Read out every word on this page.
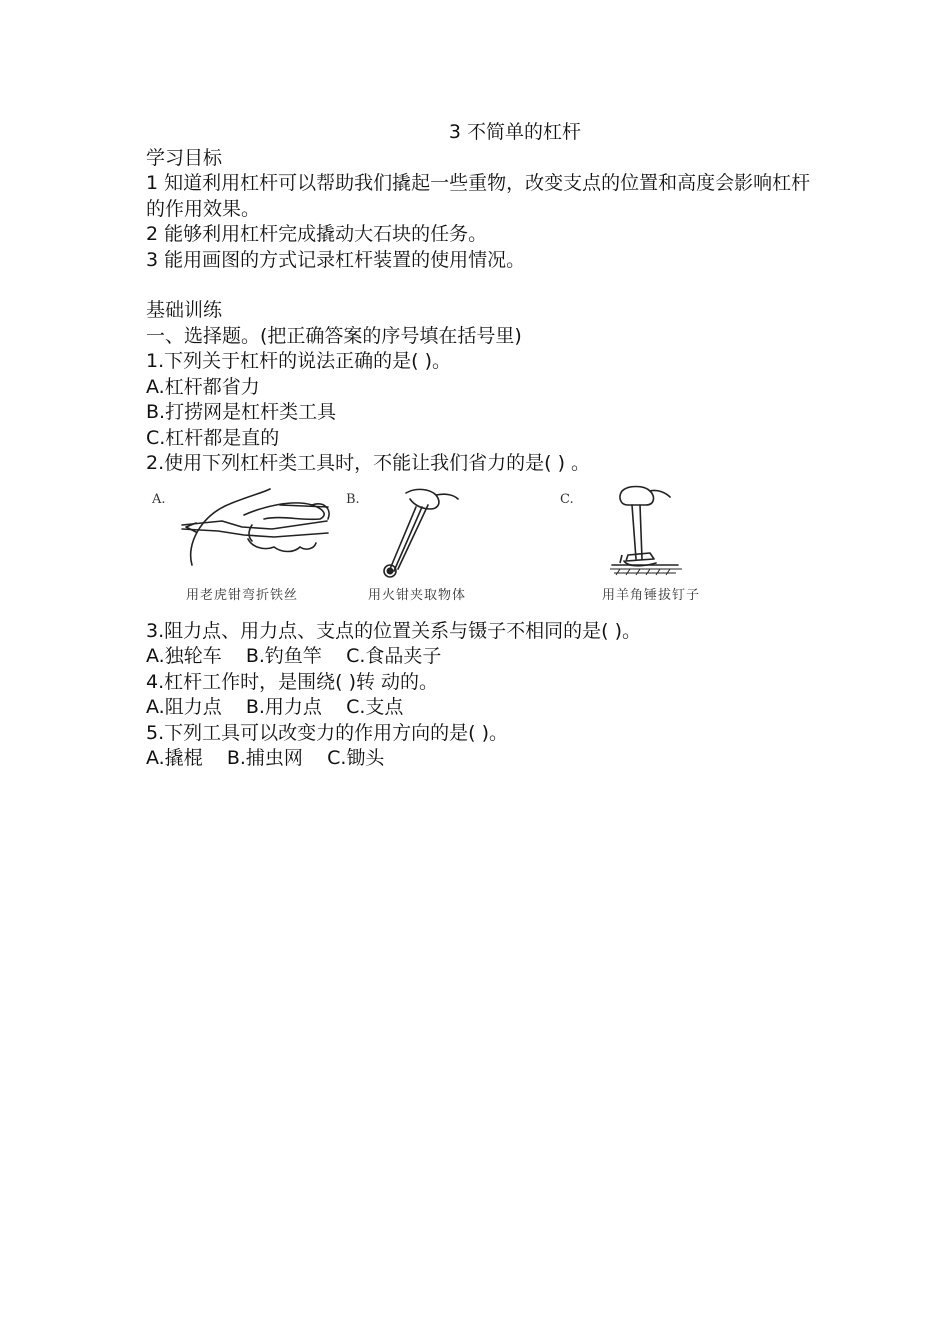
3 不简单的杠杆
学习目标
1 知道利用杠杆可以帮助我们撬起一些重物，改变支点的位置和高度会影响杠杆的作用效果。
2 能够利用杠杆完成撬动大石块的任务。
3 能用画图的方式记录杠杆装置的使用情况。
基础训练
一、选择题。(把正确答案的序号填在括号里)
1.下列关于杠杆的说法正确的是( )。
A.杠杆都省力
B.打捞网是杠杆类工具
C.杠杆都是直的
2.使用下列杠杆类工具时，不能让我们省力的是( ) 。
A.
用老虎钳弯折铁丝
B.
用火钳夹取物体
C.
用羊角锤拔钉子
3.阻力点、用力点、支点的位置关系与镊子不相同的是( )。
A.独轮车    B.钓鱼竿    C.食品夹子
4.杠杆工作时，是围绕( )转 动的。
A.阻力点    B.用力点    C.支点
5.下列工具可以改变力的作用方向的是( )。
A.撬棍    B.捕虫网    C.锄头
